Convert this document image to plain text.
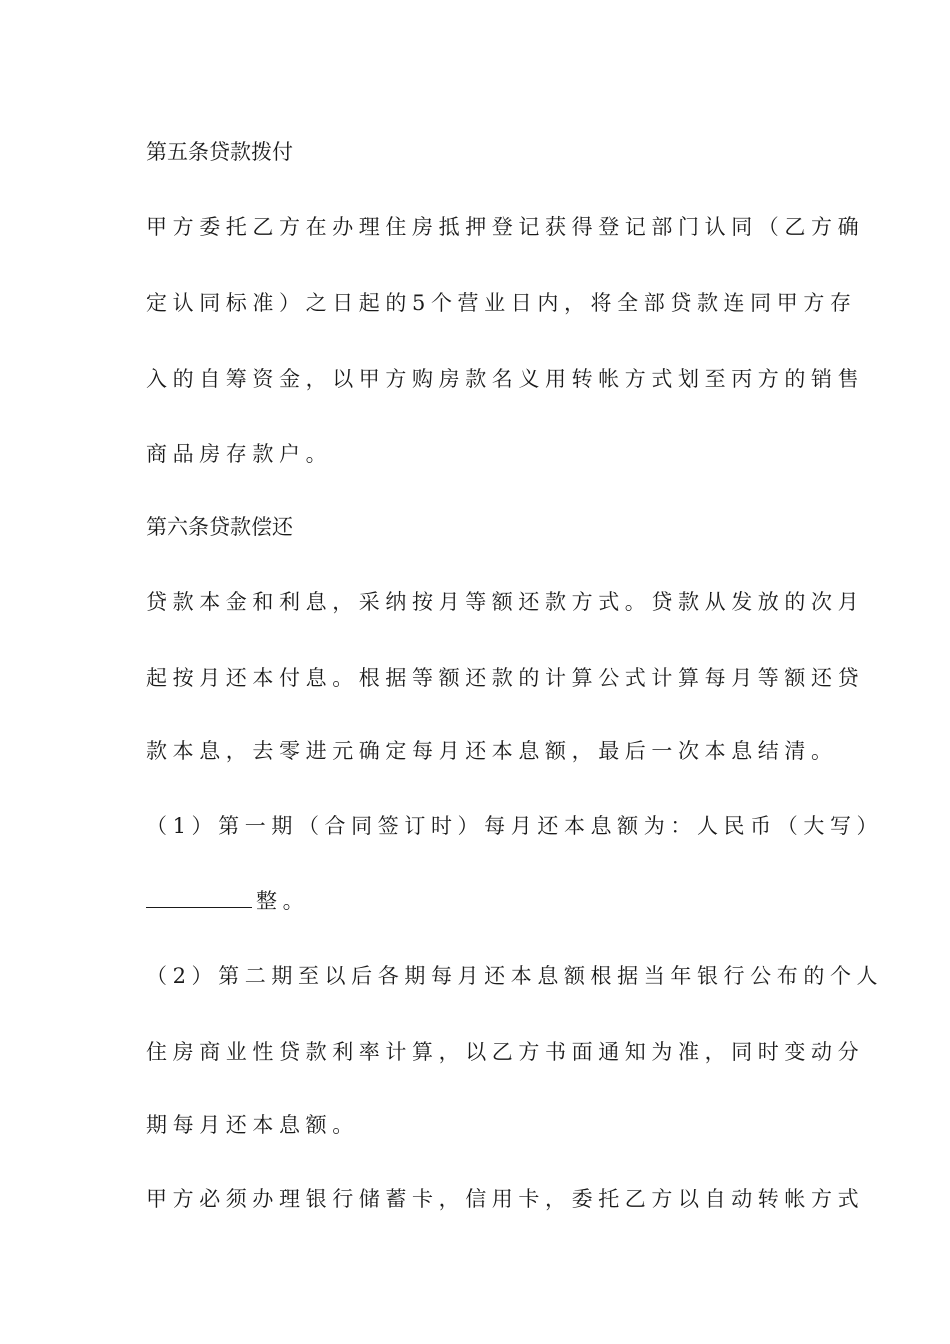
第五条贷款拨付
甲方委托乙方在办理住房抵押登记获得登记部门认同（乙方确
定认同标准）之日起的5个营业日内，将全部贷款连同甲方存
入的自筹资金，以甲方购房款名义用转帐方式划至丙方的销售
商品房存款户。
第六条贷款偿还
贷款本金和利息，采纳按月等额还款方式。贷款从发放的次月
起按月还本付息。根据等额还款的计算公式计算每月等额还贷
款本息，去零进元确定每月还本息额，最后一次本息结清。
（1）第一期（合同签订时）每月还本息额为：人民币（大写）
整。
（2）第二期至以后各期每月还本息额根据当年银行公布的个人
住房商业性贷款利率计算，以乙方书面通知为准，同时变动分
期每月还本息额。
甲方必须办理银行储蓄卡，信用卡，委托乙方以自动转帐方式
